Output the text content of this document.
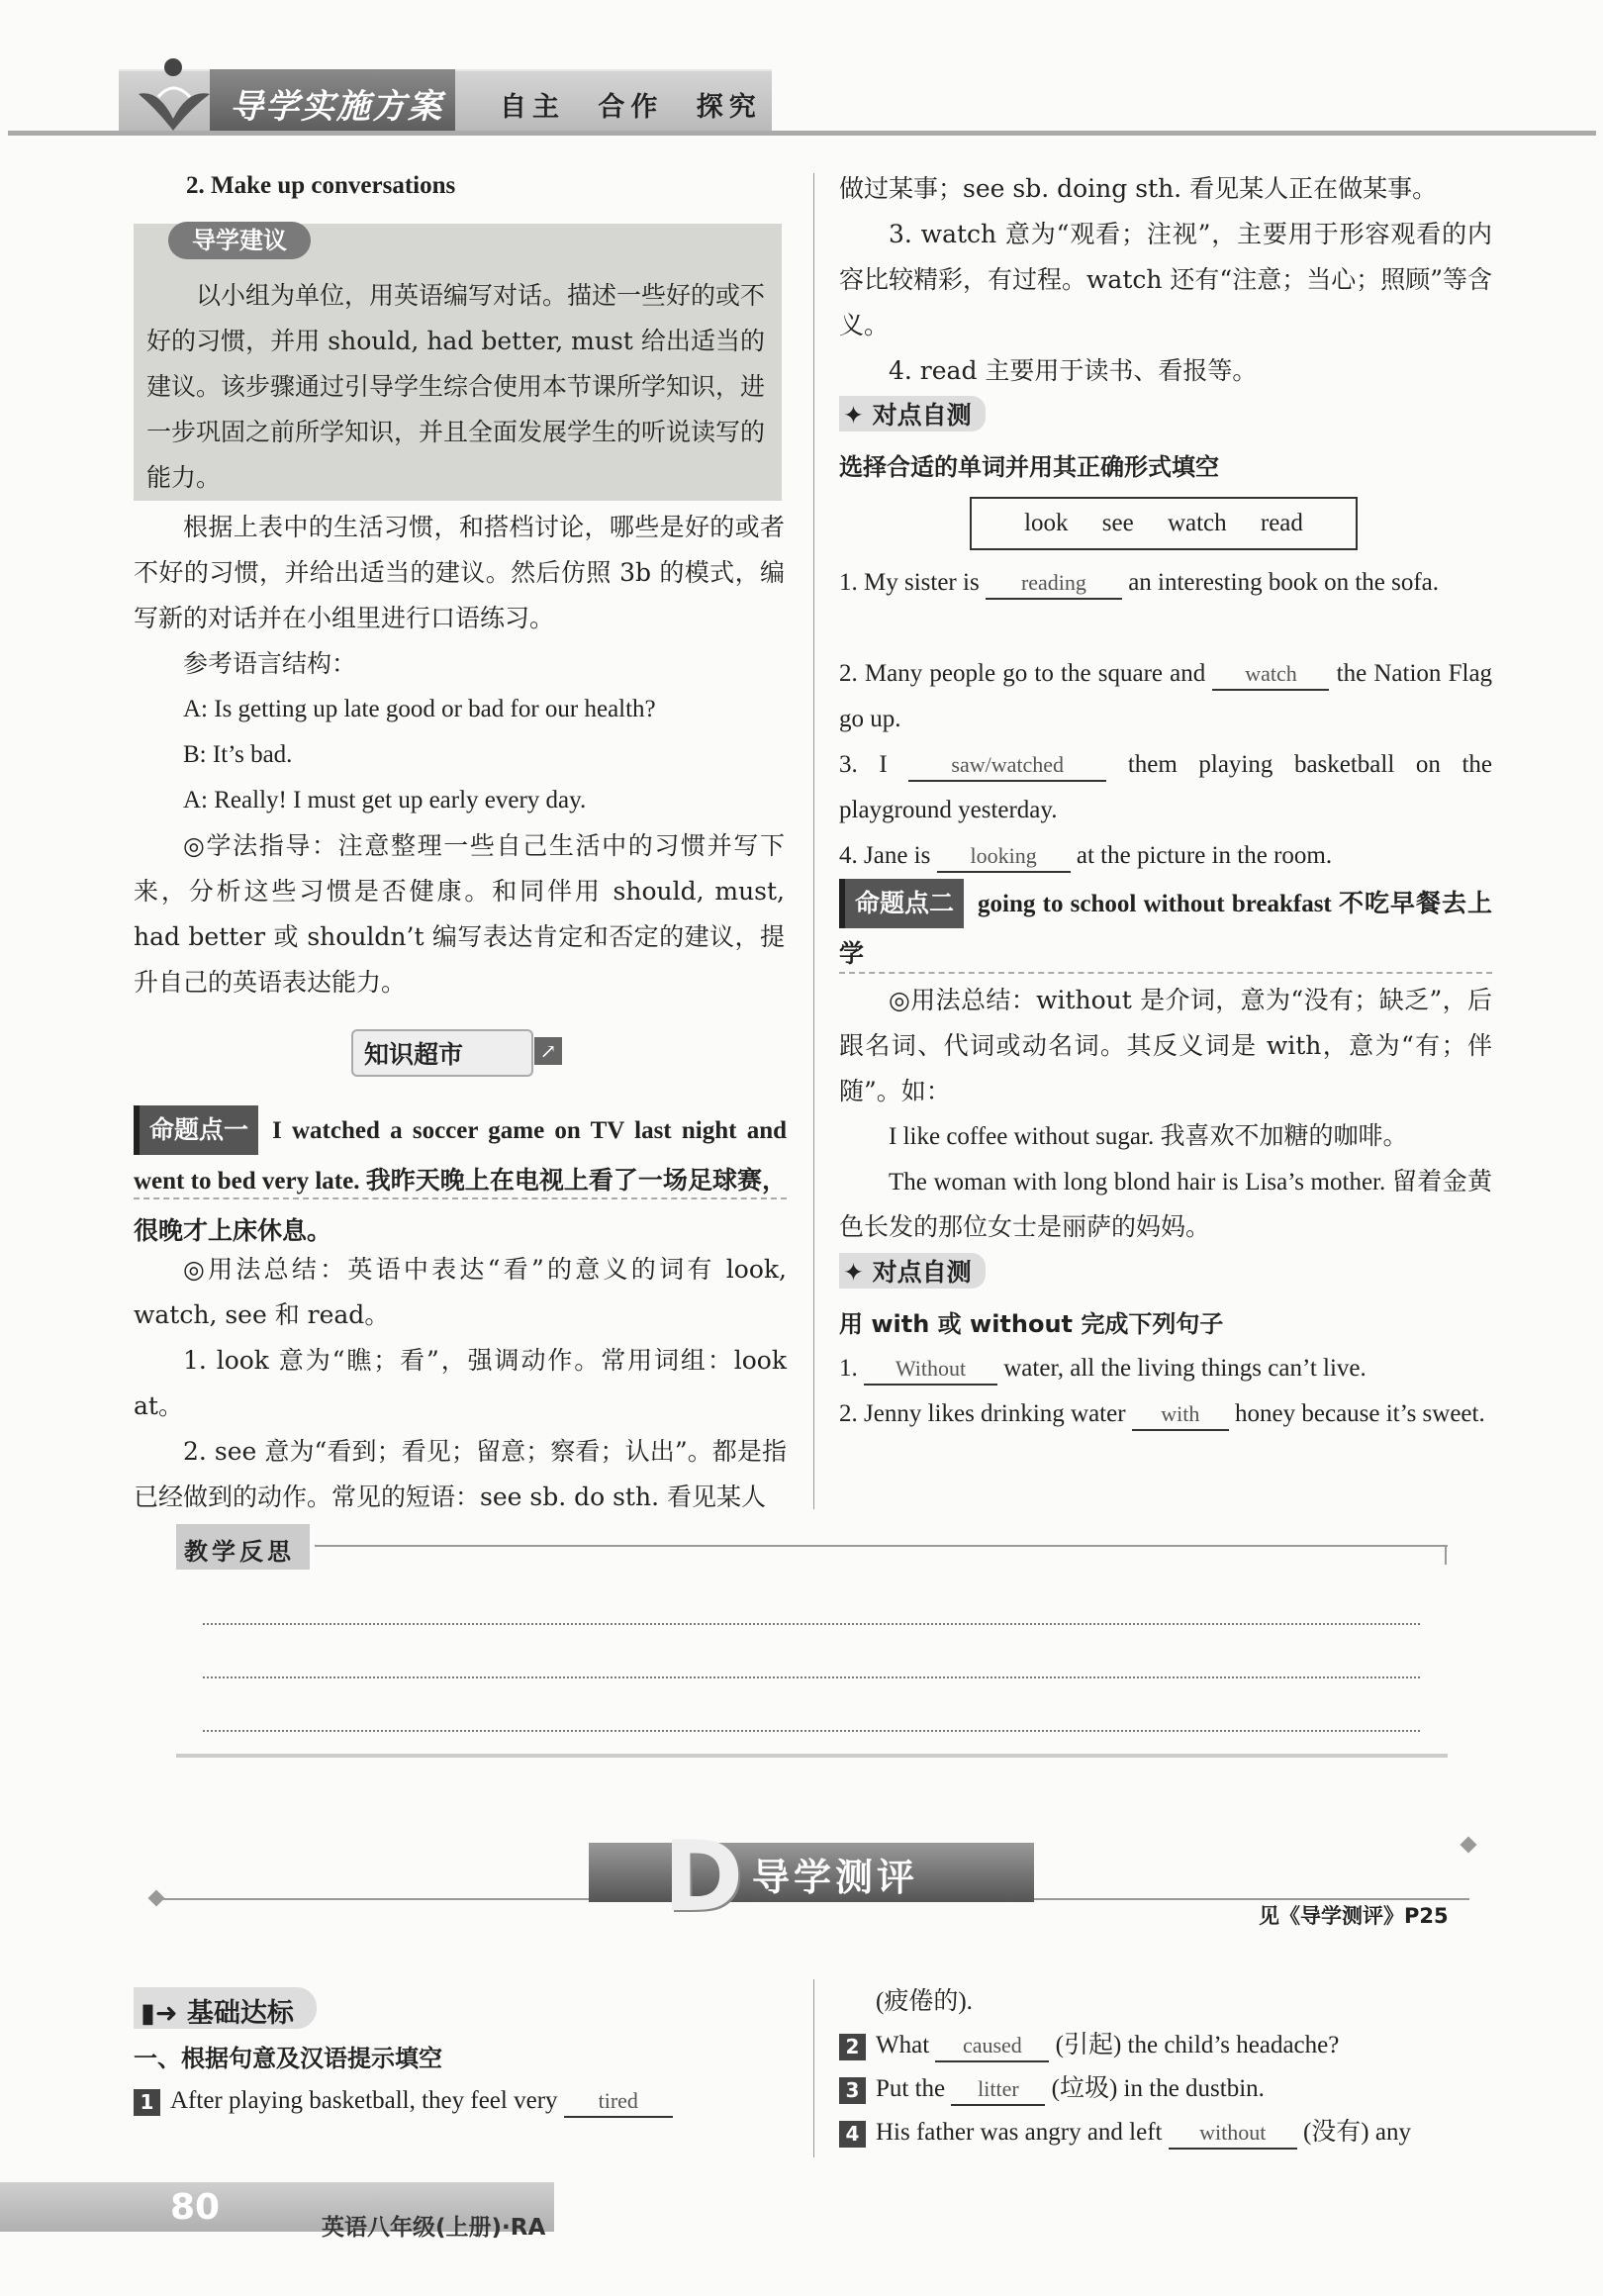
导学实施方案 自主 合作 探究
2. Make up conversations
导学建议
以小组为单位，用英语编写对话。描述一些好的或不好的习惯，并用 should, had better, must 给出适当的建议。该步骤通过引导学生综合使用本节课所学知识，进一步巩固之前所学知识，并且全面发展学生的听说读写的能力。
根据上表中的生活习惯，和搭档讨论，哪些是好的或者不好的习惯，并给出适当的建议。然后仿照 3b 的模式，编写新的对话并在小组里进行口语练习。
参考语言结构：
A: Is getting up late good or bad for our health?
B: It’s bad.
A: Really! I must get up early every day.
◎学法指导：注意整理一些自己生活中的习惯并写下来，分析这些习惯是否健康。和同伴用 should, must, had better 或 shouldn’t 编写表达肯定和否定的建议，提升自己的英语表达能力。
知识超市	↗
命题点一 I watched a soccer game on TV last night and went to bed very late. 我昨天晚上在电视上看了一场足球赛，很晚才上床休息。
◎用法总结：英语中表达“看”的意义的词有 look, watch, see 和 read。
1. look 意为“瞧；看”，强调动作。常用词组：look at。
2. see 意为“看到；看见；留意；察看；认出”。都是指已经做到的动作。常见的短语：see sb. do sth. 看见某人
做过某事；see sb. doing sth. 看见某人正在做某事。
3. watch 意为“观看；注视”，主要用于形容观看的内容比较精彩，有过程。watch 还有“注意；当心；照顾”等含义。
4. read 主要用于读书、看报等。
✦ 对点自测
选择合适的单词并用其正确形式填空
look see watch read
1. My sister is reading an interesting book on the sofa.
2. Many people go to the square and watch the Nation Flag go up.
3. I	saw/watched	them playing basketball on the playground yesterday.
4. Jane is looking at the picture in the room.
命题点二 going to school without breakfast 不吃早餐去上学
◎用法总结：without 是介词，意为“没有；缺乏”，后跟名词、代词或动名词。其反义词是 with，意为“有；伴随”。如：
I like coffee without sugar. 我喜欢不加糖的咖啡。
The woman with long blond hair is Lisa’s mother. 留着金黄色长发的那位女士是丽萨的妈妈。
✦ 对点自测
用 with 或 without 完成下列句子
1. Without water, all the living things can’t live.
2. Jenny likes drinking water with honey because it’s sweet.
教学反思
D 导学测评
见《导学测评》P25
▮➜ 基础达标
一、根据句意及汉语提示填空
1 After playing basketball, they feel very tired
(疲倦的).
2 What caused (引起) the child’s headache?
3 Put the litter (垃圾) in the dustbin.
4 His father was angry and left without (没有) any
80	英语八年级(上册)·RA
